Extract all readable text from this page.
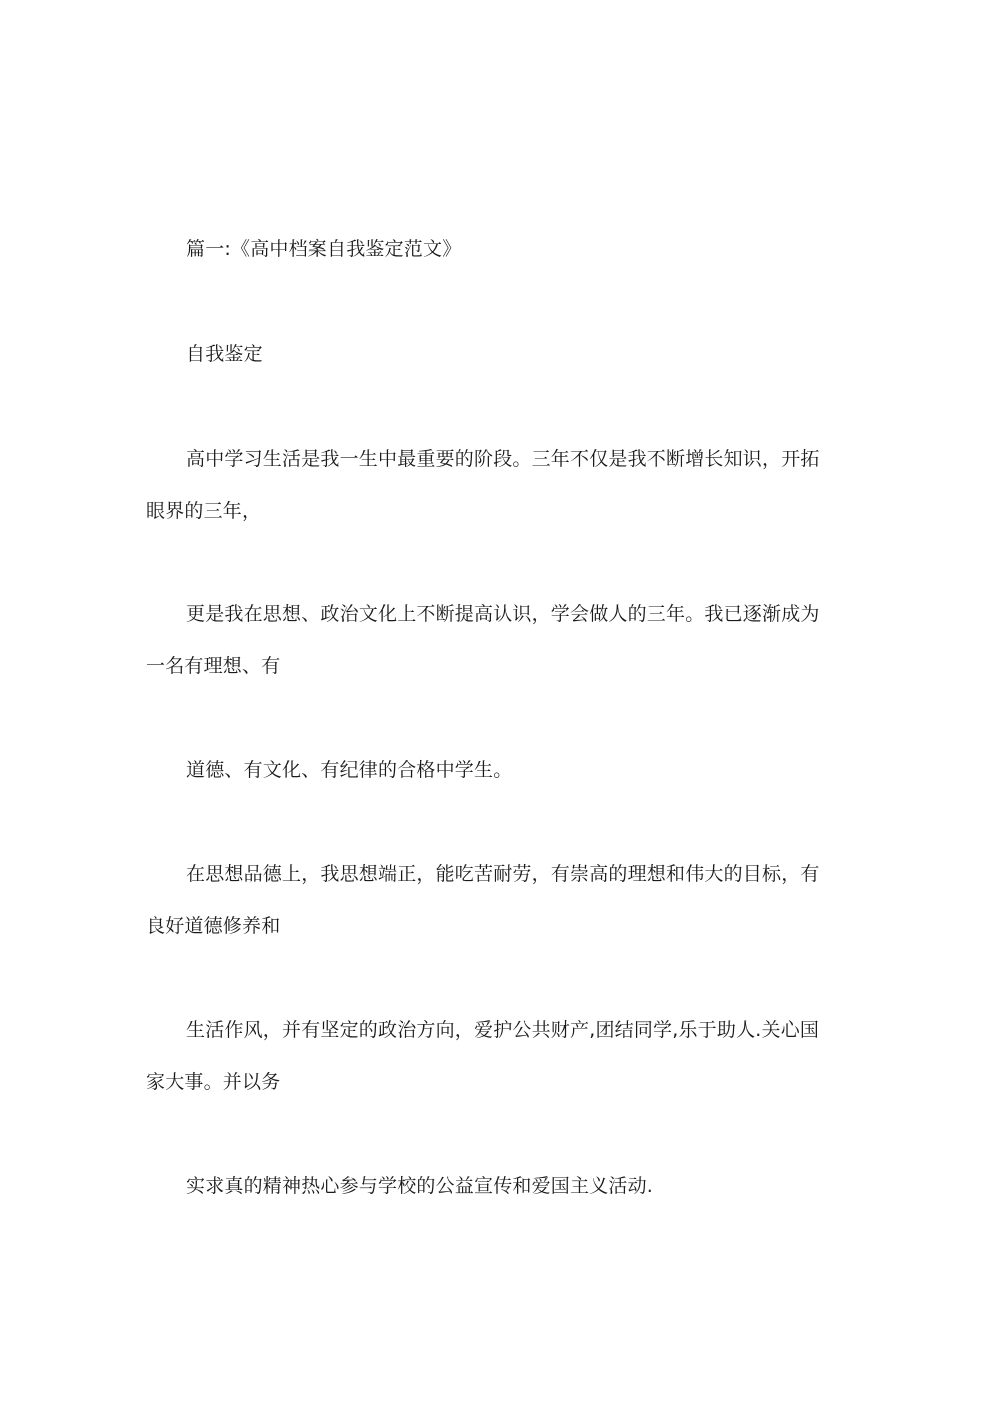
篇一:《高中档案自我鉴定范文》
自我鉴定
高中学习生活是我一生中最重要的阶段。三年不仅是我不断增长知识，开拓
眼界的三年，
更是我在思想、政治文化上不断提高认识，学会做人的三年。我已逐渐成为
一名有理想、有
道德、有文化、有纪律的合格中学生。
在思想品德上，我思想端正，能吃苦耐劳，有崇高的理想和伟大的目标，有
良好道德修养和
生活作风，并有坚定的政治方向，爱护公共财产,团结同学,乐于助人.关心国
家大事。并以务
实求真的精神热心参与学校的公益宣传和爱国主义活动.
